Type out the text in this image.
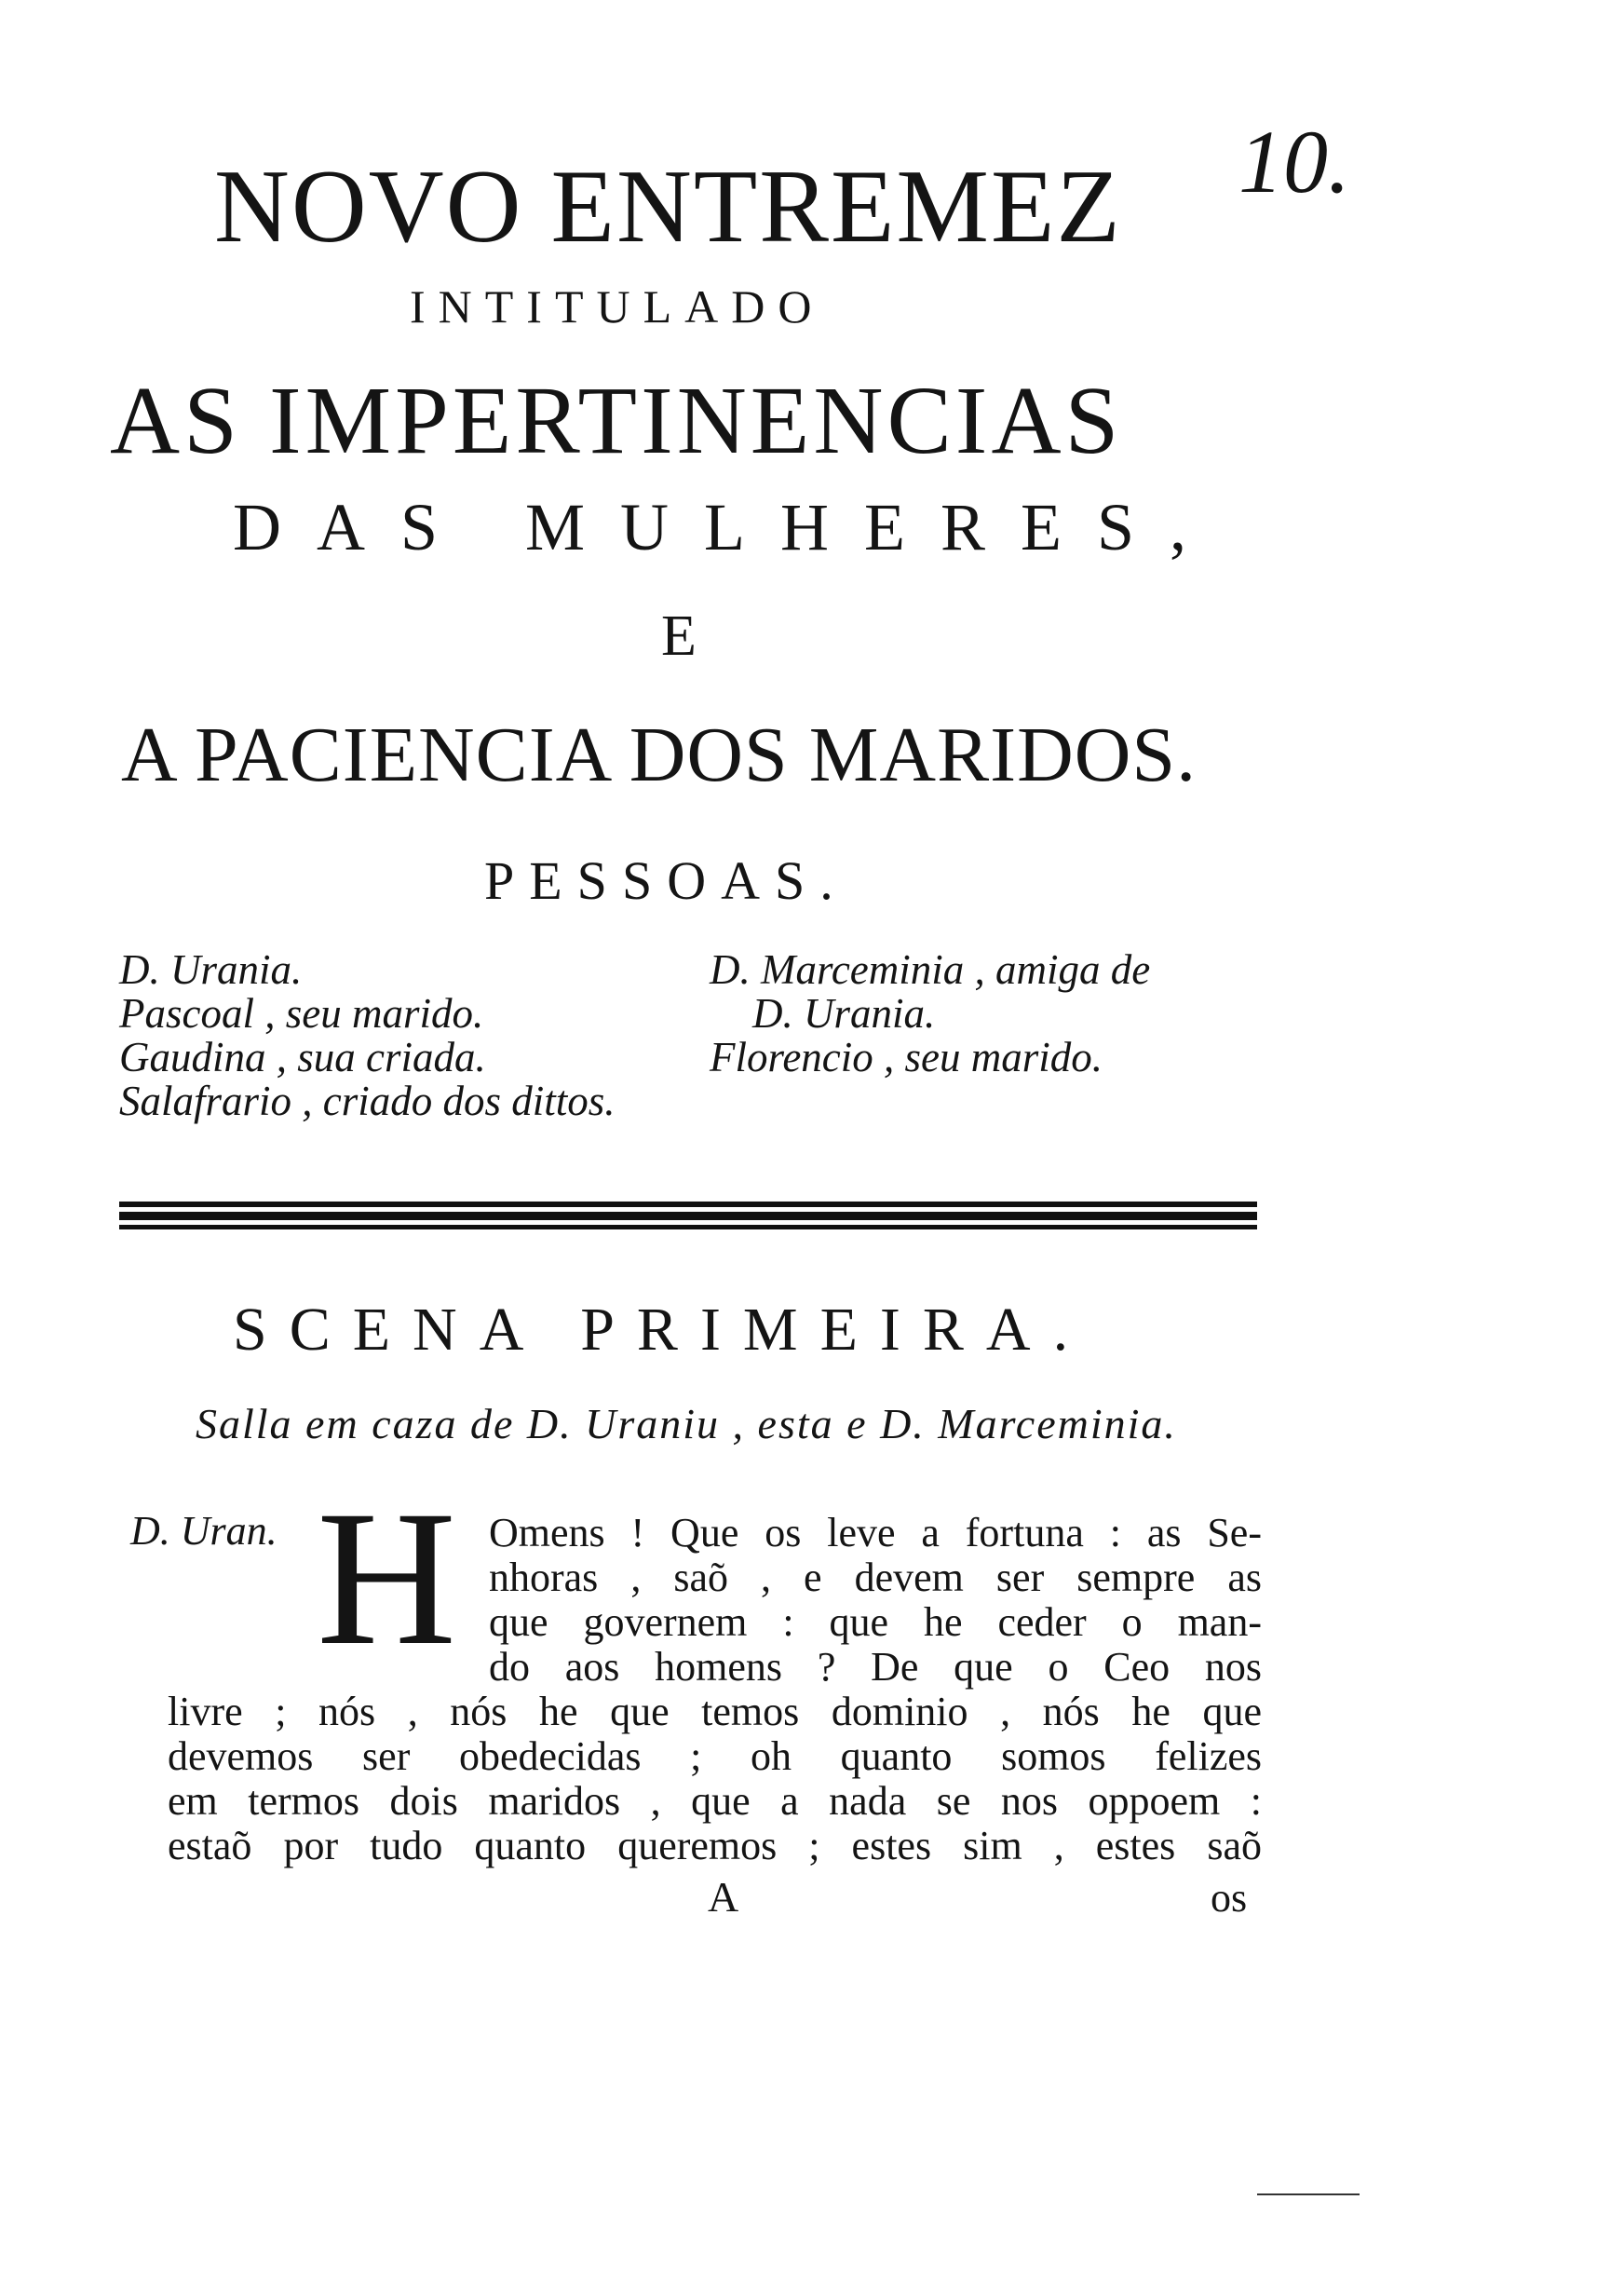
NOVO ENTREMEZ	10.
INTITULADO
AS IMPERTINENCIAS
DAS MULHERES,
E
A PACIENCIA DOS MARIDOS.
PESSOAS.
D. Urania.
Pascoal , seu marido.
Gaudina , sua criada.
Salafrario , criado dos dittos.
D. Marceminia , amiga de
D. Urania.
Florencio , seu marido.
SCENA PRIMEIRA.
Salla em caza de D. Uraniu , esta e D. Marceminia.
D. Uran. H Omens ! Que os leve a fortuna : as Se-
nhoras , saõ , e devem ser sempre as
que governem : que he ceder o man-
do aos homens ? De que o Ceo nos
livre ; nós , nós he que temos dominio , nós he que
devemos ser obedecidas ; oh quanto somos felizes
em termos dois maridos , que a nada se nos oppoem :
estaõ por tudo quanto queremos ; estes sim , estes saõ
A	os
